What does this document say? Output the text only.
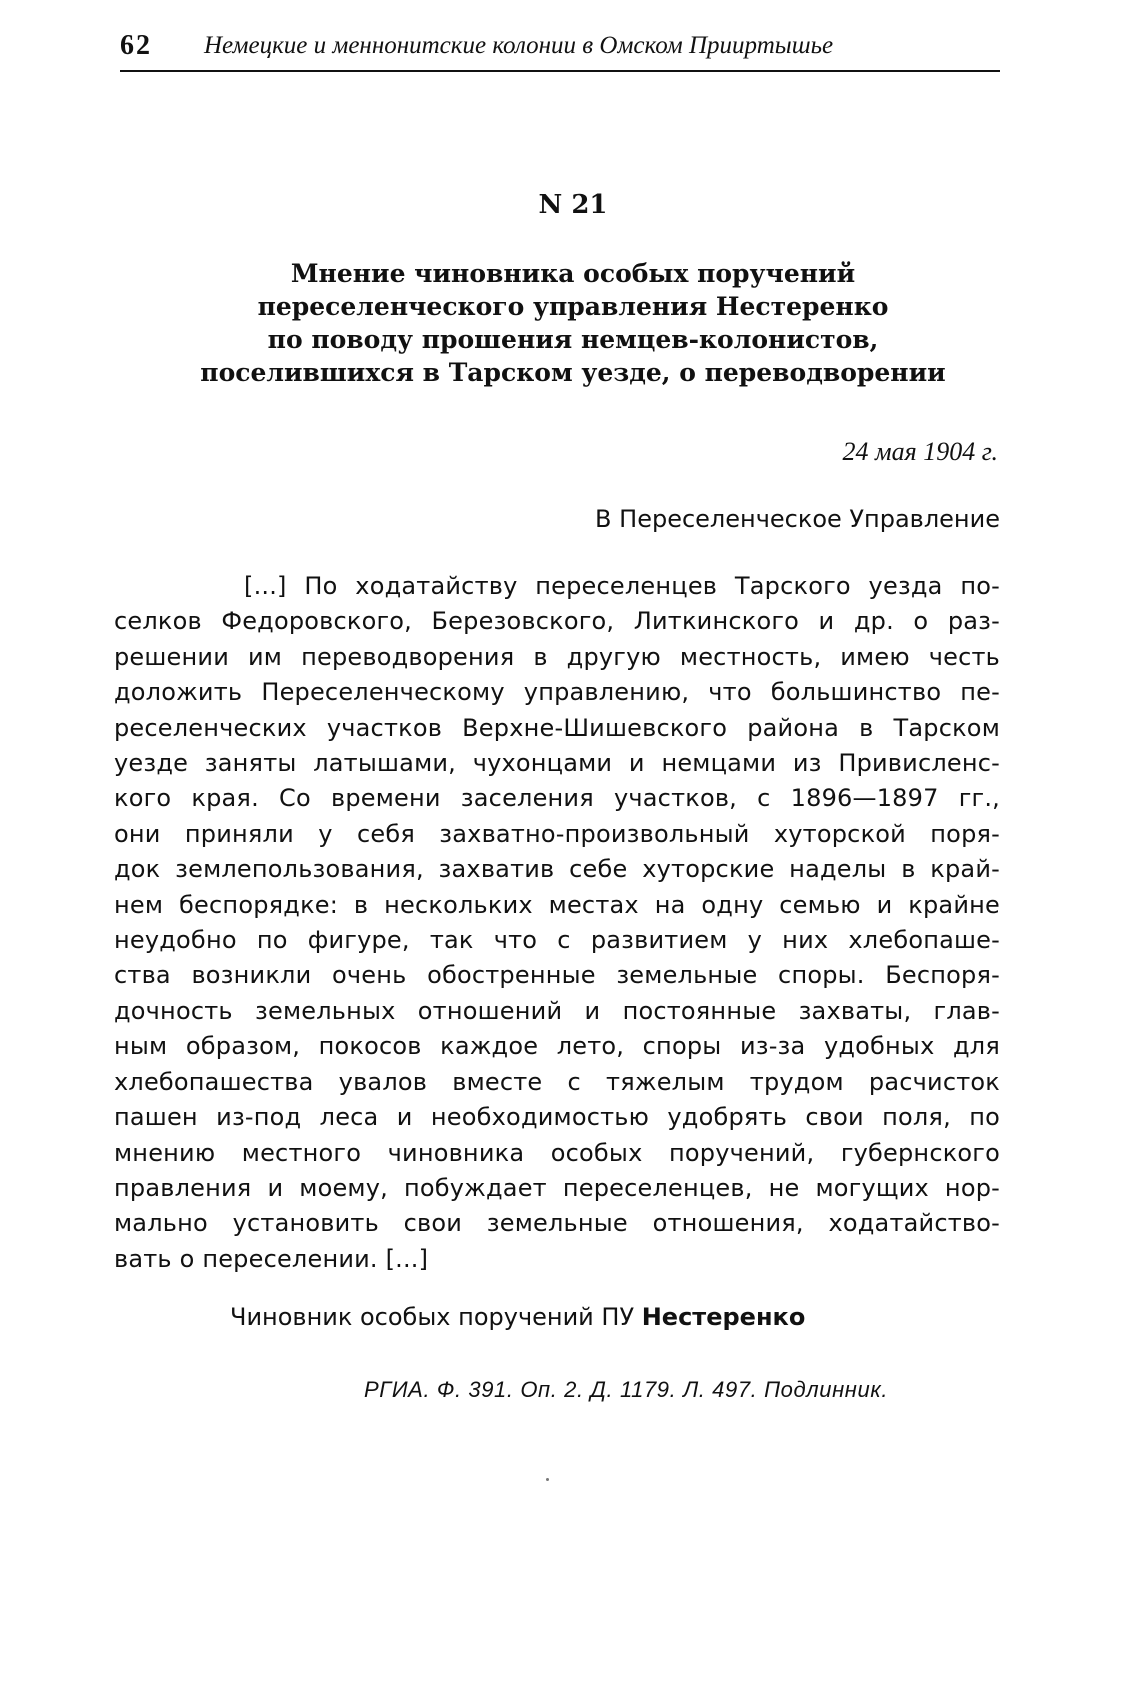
62 Немецкие и меннонитские колонии в Омском Прииртышье
N 21
Мнение чиновника особых поручений
переселенческого управления Нестеренко
по поводу прошения немцев-колонистов,
поселившихся в Тарском уезде, о переводворении
24 мая 1904 г.
В Переселенческое Управление
[...] По ходатайству переселенцев Тарского уезда по-
селков Федоровского, Березовского, Литкинского и др. о раз-
решении им переводворения в другую местность, имею честь
доложить Переселенческому управлению, что большинство пе-
реселенческих участков Верхне-Шишевского района в Тарском
уезде заняты латышами, чухонцами и немцами из Привисленс-
кого края. Со времени заселения участков, с 1896—1897 гг.,
они приняли у себя захватно-произвольный хуторской поря-
док землепользования, захватив себе хуторские наделы в край-
нем беспорядке: в нескольких местах на одну семью и крайне
неудобно по фигуре, так что с развитием у них хлебопаше-
ства возникли очень обостренные земельные споры. Беспоря-
дочность земельных отношений и постоянные захваты, глав-
ным образом, покосов каждое лето, споры из-за удобных для
хлебопашества увалов вместе с тяжелым трудом расчисток
пашен из-под леса и необходимостью удобрять свои поля, по
мнению местного чиновника особых поручений, губернского
правления и моему, побуждает переселенцев, не могущих нор-
мально установить свои земельные отношения, ходатайство-
вать о переселении. [...]
Чиновник особых поручений ПУ Нестеренко
РГИА. Ф. 391. Оп. 2. Д. 1179. Л. 497. Подлинник.
